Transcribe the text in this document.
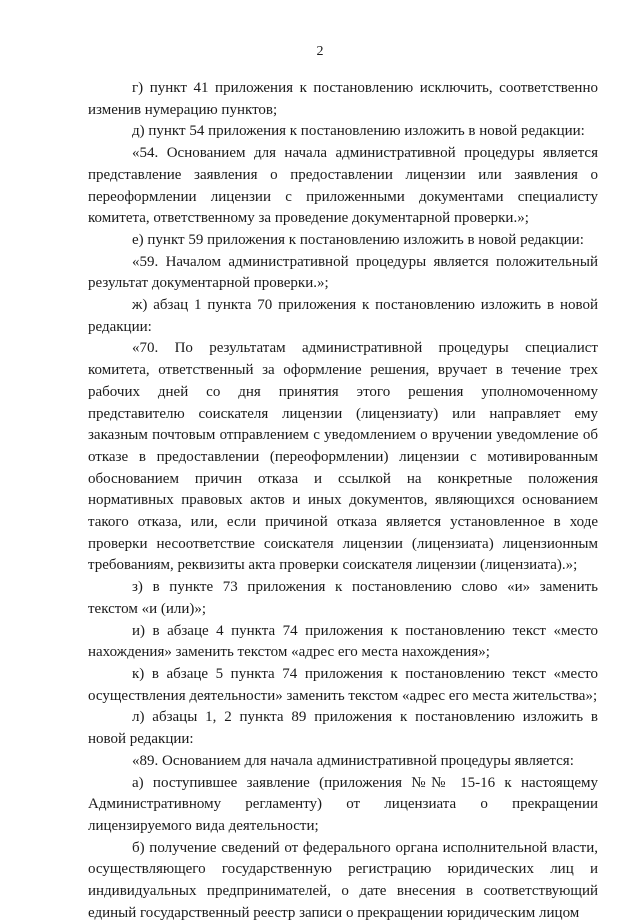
2

г) пункт 41 приложения к постановлению исключить, соответственно изменив нумерацию пунктов;

д) пункт 54 приложения к постановлению изложить в новой редакции:

«54. Основанием для начала административной процедуры является представление заявления о предоставлении лицензии или заявления о переоформлении лицензии с приложенными документами специалисту комитета, ответственному за проведение документарной проверки.»;

е) пункт 59 приложения к постановлению изложить в новой редакции:

«59. Началом административной процедуры является положительный результат документарной проверки.»;

ж) абзац 1 пункта 70 приложения к постановлению изложить в новой редакции:

«70. По результатам административной процедуры специалист комитета, ответственный за оформление решения, вручает в течение трех рабочих дней со дня принятия этого решения уполномоченному представителю соискателя лицензии (лицензиату) или направляет ему заказным почтовым отправлением с уведомлением о вручении уведомление об отказе в предоставлении (переоформлении) лицензии с мотивированным обоснованием причин отказа и ссылкой на конкретные положения нормативных правовых актов и иных документов, являющихся основанием такого отказа, или, если причиной отказа является установленное в ходе проверки несоответствие соискателя лицензии (лицензиата) лицензионным требованиям, реквизиты акта проверки соискателя лицензии (лицензиата).»;

з) в пункте 73 приложения к постановлению слово «и» заменить текстом «и (или)»;

и) в абзаце 4 пункта 74 приложения к постановлению текст «место нахождения» заменить текстом «адрес его места нахождения»;

к) в абзаце 5 пункта 74 приложения к постановлению текст «место осуществления деятельности» заменить текстом «адрес его места жительства»;

л) абзацы 1, 2 пункта 89 приложения к постановлению изложить в новой редакции:

«89. Основанием для начала административной процедуры является:

а) поступившее заявление (приложения №№ 15-16 к настоящему Административному регламенту) от лицензиата о прекращении лицензируемого вида деятельности;

б) получение сведений от федерального органа исполнительной власти, осуществляющего государственную регистрацию юридических лиц и индивидуальных предпринимателей, о дате внесения в соответствующий единый государственный реестр записи о прекращении юридическим лицом
